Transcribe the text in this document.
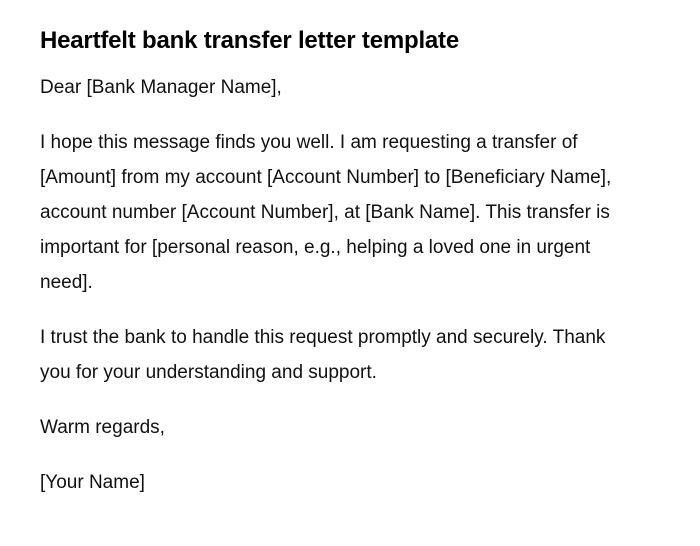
Heartfelt bank transfer letter template

Dear [Bank Manager Name],

I hope this message finds you well. I am requesting a transfer of [Amount] from my account [Account Number] to [Beneficiary Name], account number [Account Number], at [Bank Name]. This transfer is important for [personal reason, e.g., helping a loved one in urgent need].

I trust the bank to handle this request promptly and securely. Thank you for your understanding and support.

Warm regards,

[Your Name]
